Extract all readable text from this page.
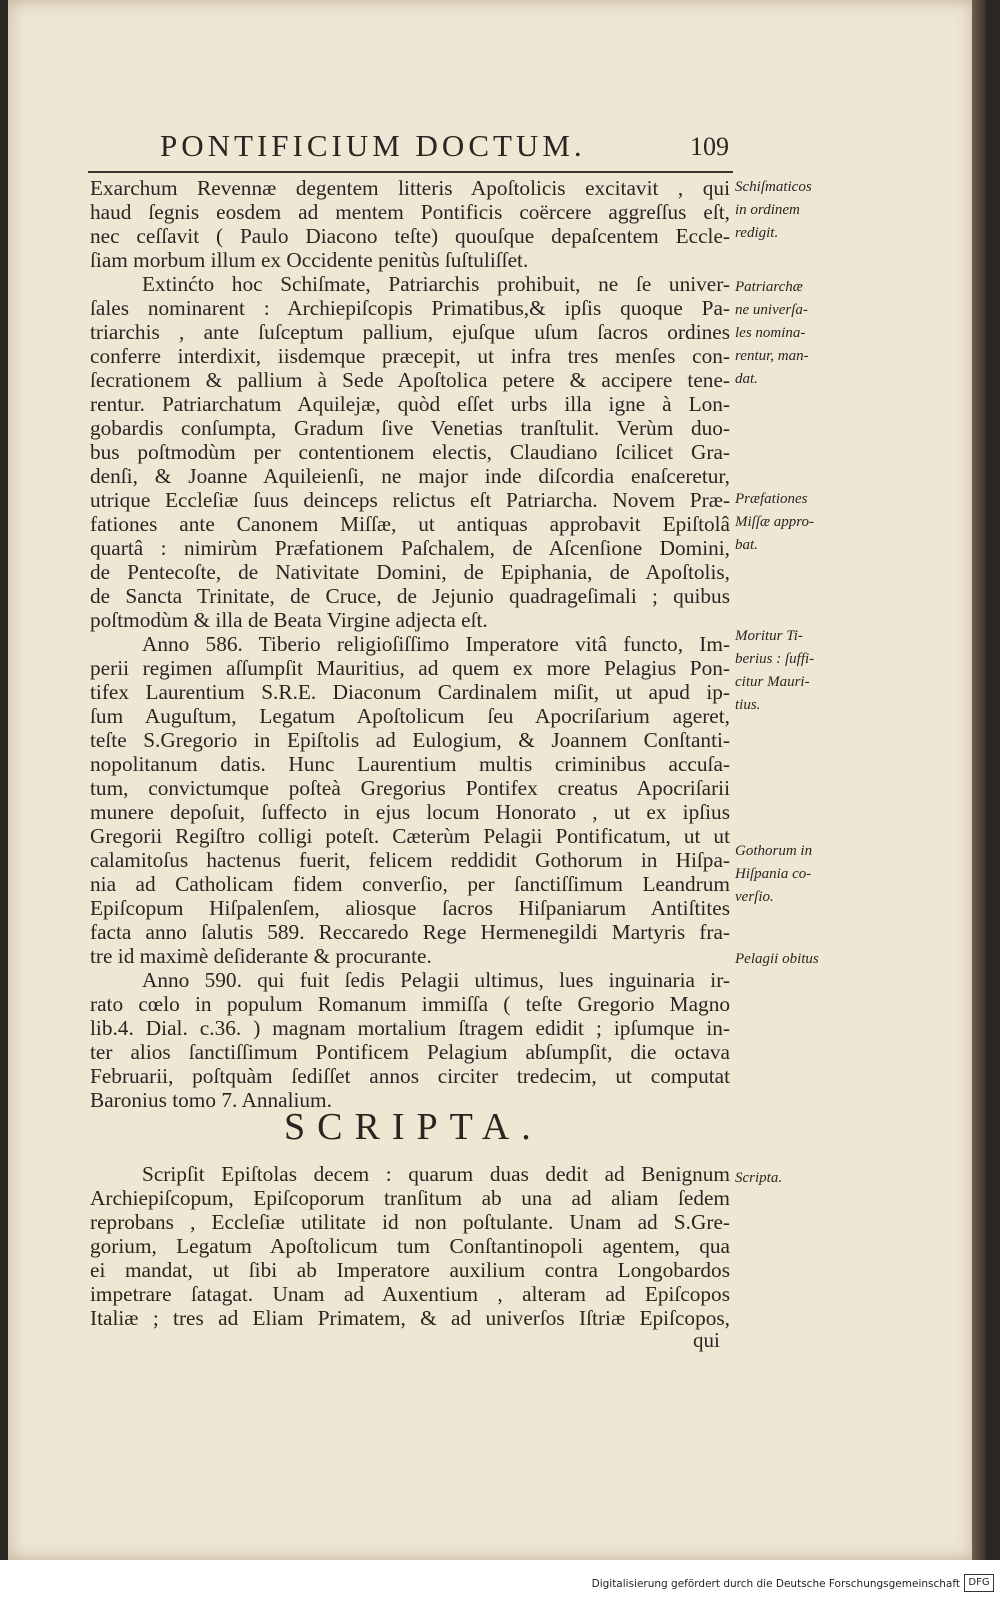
PONTIFICIUM DOCTUM.	109
Exarchum Revennæ degentem litteris Apoſtolicis excitavit , qui
haud ſegnis eosdem ad mentem Pontificis coërcere aggreſſus eſt,
nec ceſſavit ( Paulo Diacono teſte) quouſque depaſcentem Eccle-
ſiam morbum illum ex Occidente penitùs ſuſtuliſſet.
Extinćto hoc Schiſmate, Patriarchis prohibuit, ne ſe univer-
ſales nominarent : Archiepiſcopis Primatibus,& ipſis quoque Pa-
triarchis , ante ſuſceptum pallium, ejuſque uſum ſacros ordines
conferre interdixit, iisdemque præcepit, ut infra tres menſes con-
ſecrationem & pallium à Sede Apoſtolica petere & accipere tene-
rentur. Patriarchatum Aquilejæ, quòd eſſet urbs illa igne à Lon-
gobardis conſumpta, Gradum ſive Venetias tranſtulit. Verùm duo-
bus poſtmodùm per contentionem electis, Claudiano ſcilicet Gra-
denſi, & Joanne Aquileienſi, ne major inde diſcordia enaſceretur,
utrique Eccleſiæ ſuus deinceps relictus eſt Patriarcha. Novem Præ-
fationes ante Canonem Miſſæ, ut antiquas approbavit Epiſtolâ
quartâ : nimirùm Præfationem Paſchalem, de Aſcenſione Domini,
de Pentecoſte, de Nativitate Domini, de Epiphania, de Apoſtolis,
de Sancta Trinitate, de Cruce, de Jejunio quadrageſimali ; quibus
poſtmodùm & illa de Beata Virgine adjecta eſt.
Anno 586. Tiberio religioſiſſimo Imperatore vitâ functo, Im-
perii regimen aſſumpſit Mauritius, ad quem ex more Pelagius Pon-
tifex Laurentium S.R.E. Diaconum Cardinalem miſit, ut apud ip-
ſum Auguſtum, Legatum Apoſtolicum ſeu Apocriſarium ageret,
teſte S.Gregorio in Epiſtolis ad Eulogium, & Joannem Conſtanti-
nopolitanum datis. Hunc Laurentium multis criminibus accuſa-
tum, convictumque poſteà Gregorius Pontifex creatus Apocriſarii
munere depoſuit, ſuffecto in ejus locum Honorato , ut ex ipſius
Gregorii Regiſtro colligi poteſt. Cæterùm Pelagii Pontificatum, ut ut
calamitoſus hactenus fuerit, felicem reddidit Gothorum in Hiſpa-
nia ad Catholicam fidem converſio, per ſanctiſſimum Leandrum
Epiſcopum Hiſpalenſem, aliosque ſacros Hiſpaniarum Antiſtites
facta anno ſalutis 589. Reccaredo Rege Hermenegildi Martyris fra-
tre id maximè deſiderante & procurante.
Anno 590. qui fuit ſedis Pelagii ultimus, lues inguinaria ir-
rato cœlo in populum Romanum immiſſa ( teſte Gregorio Magno
lib.4. Dial. c.36. ) magnam mortalium ſtragem edidit ; ipſumque in-
ter alios ſanctiſſimum Pontificem Pelagium abſumpſit, die octava
Februarii, poſtquàm ſediſſet annos circiter tredecim, ut computat
Baronius tomo 7. Annalium.
SCRIPTA.
Scripſit Epiſtolas decem : quarum duas dedit ad Benignum
Archiepiſcopum, Epiſcoporum tranſitum ab una ad aliam ſedem
reprobans , Eccleſiæ utilitate id non poſtulante. Unam ad S.Gre-
gorium, Legatum Apoſtolicum tum Conſtantinopoli agentem, qua
ei mandat, ut ſibi ab Imperatore auxilium contra Longobardos
impetrare ſatagat. Unam ad Auxentium , alteram ad Epiſcopos
Italiæ ; tres ad Eliam Primatem, & ad univerſos Iſtriæ Epiſcopos,
qui
Schiſmaticos
in ordinem
redigit.
Patriarchæ
ne univerſa-
les nomina-
rentur, man-
dat.
Præfationes
Miſſæ appro-
bat.
Moritur Ti-
berius : ſuffi-
citur Mauri-
tius.
Gothorum in
Hiſpania co-
verſio.
Pelagii obitus
Scripta.
Digitalisierung gefördert durch die Deutsche Forschungsgemeinschaft DFG
